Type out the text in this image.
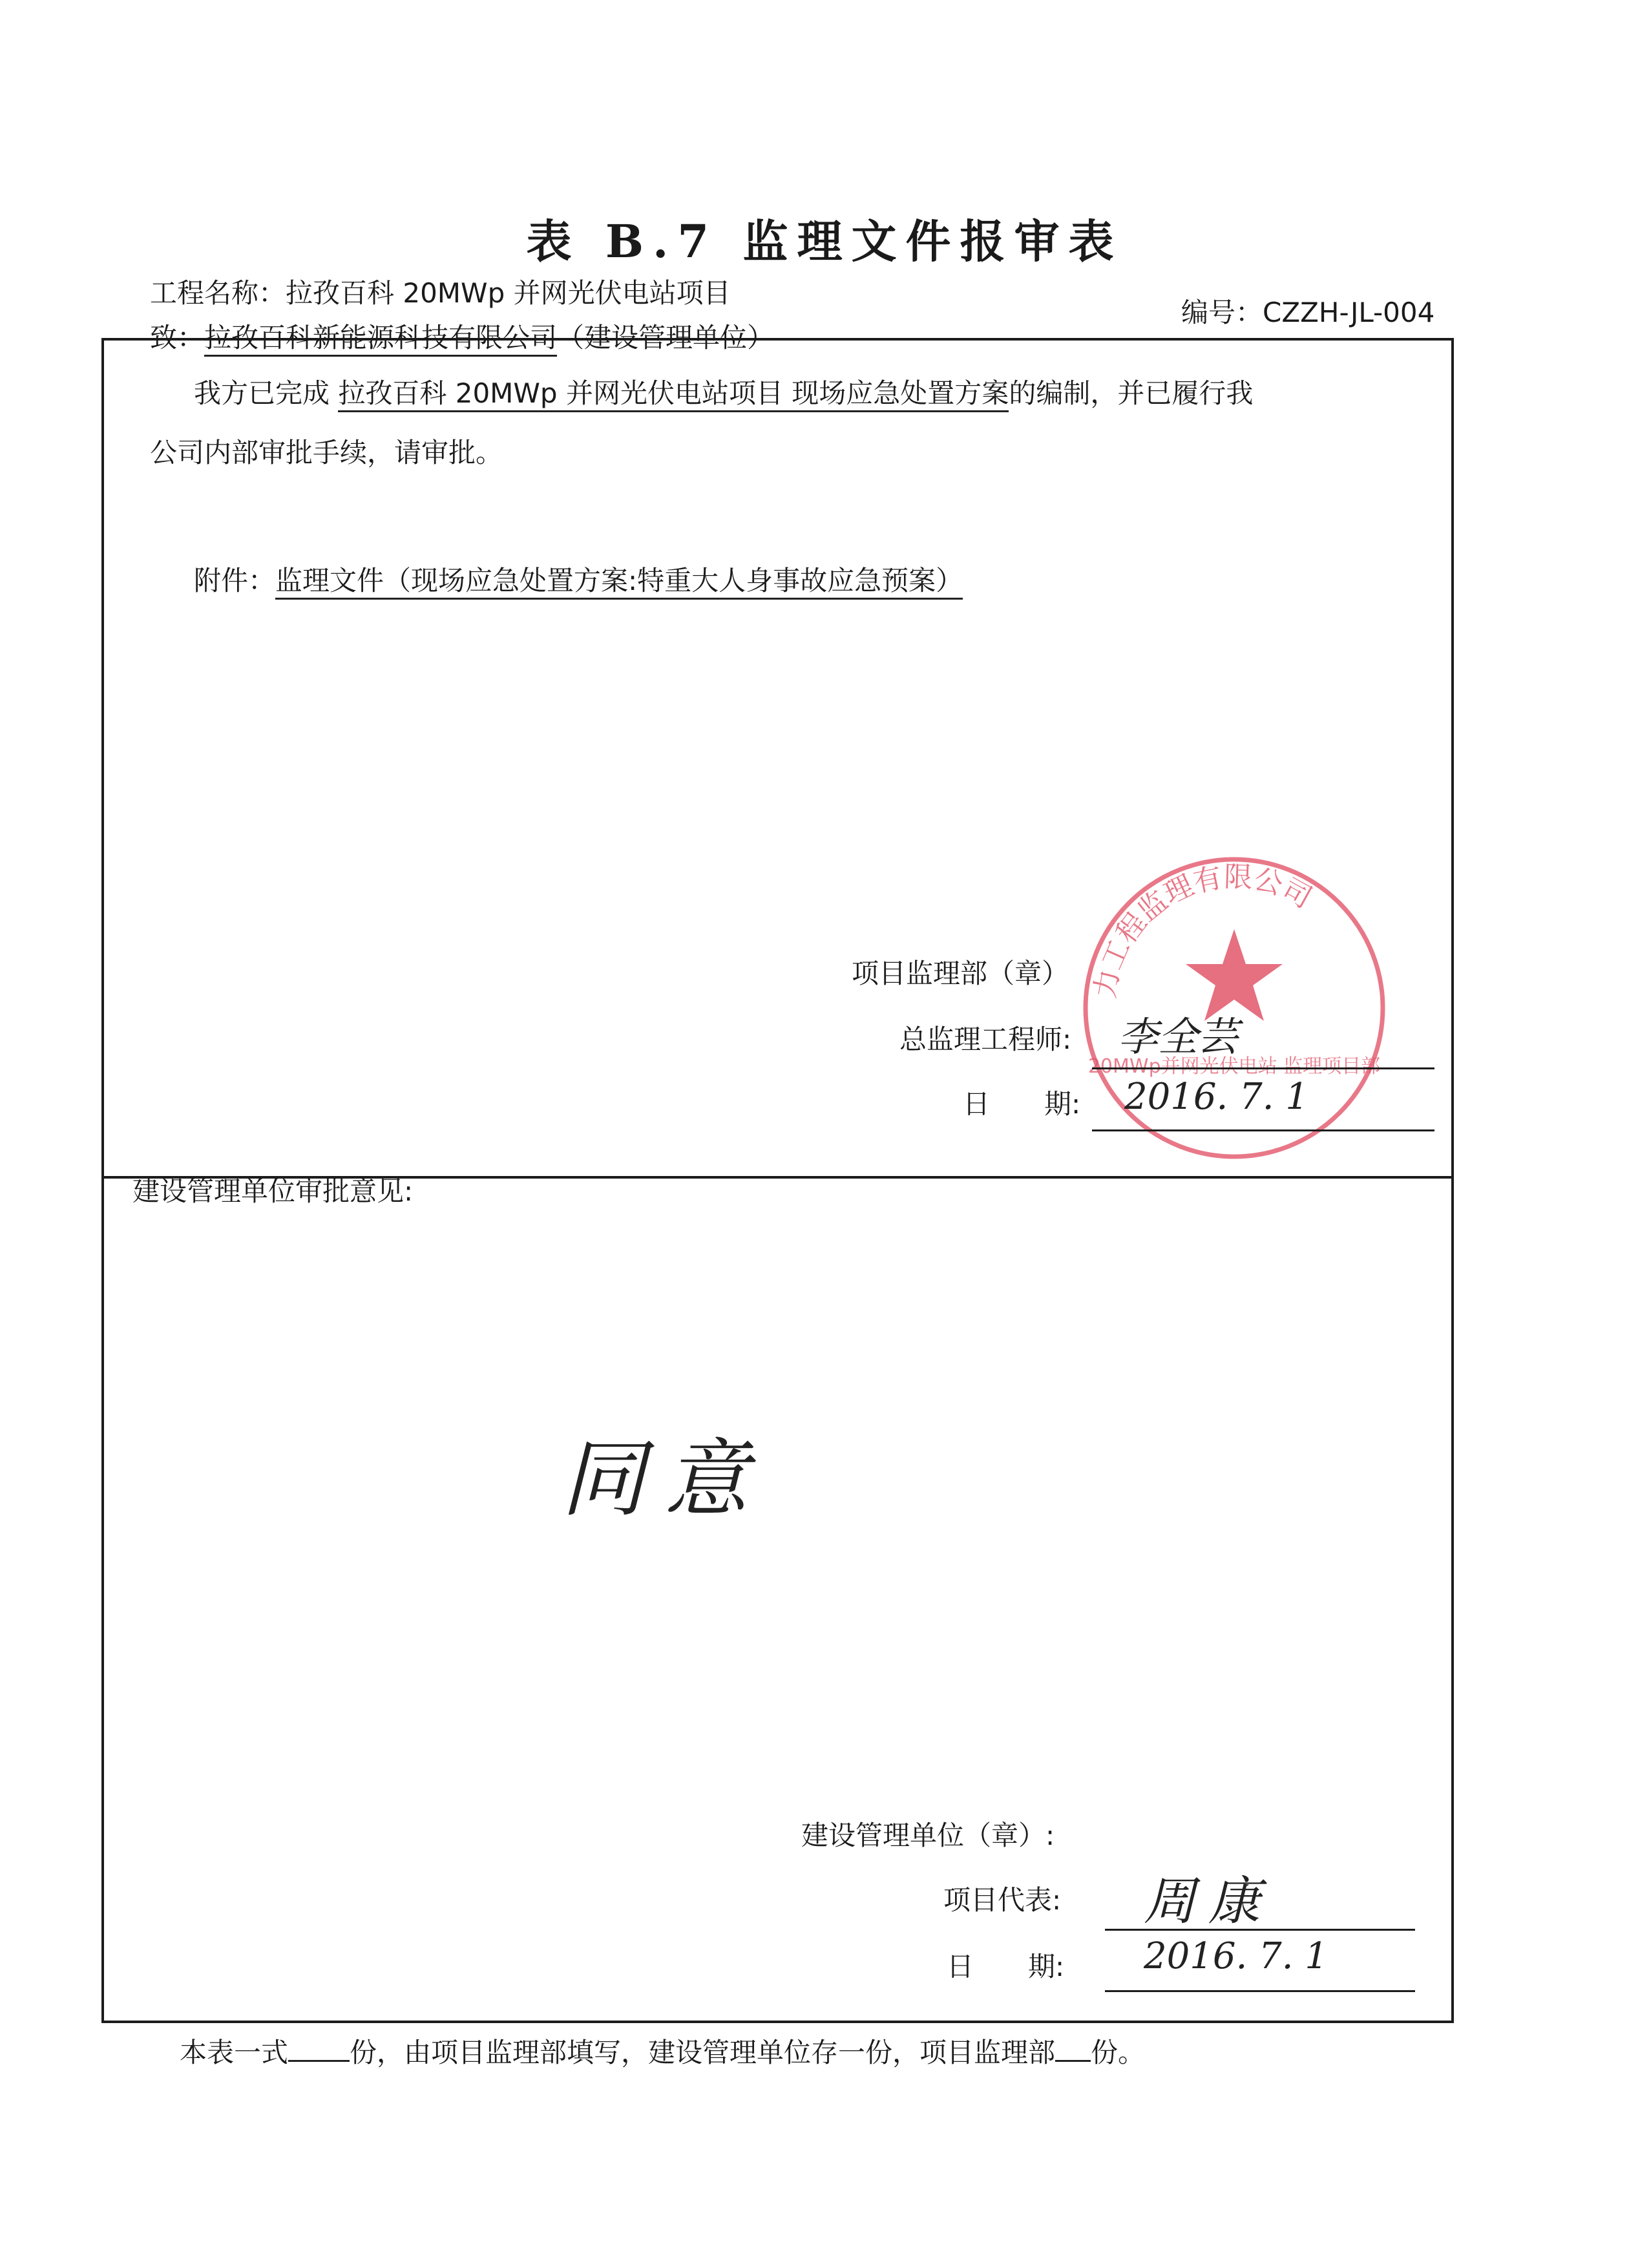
表 B.7 监理文件报审表
工程名称：拉孜百科 20MWp 并网光伏电站项目
编号：CZZH-JL-004
致：拉孜百科新能源科技有限公司（建设管理单位）
我方已完成 拉孜百科 20MWp 并网光伏电站项目 现场应急处置方案的编制，并已履行我
公司内部审批手续，请审批。
附件：监理文件（现场应急处置方案:特重大人身事故应急预案）
力工程监理有限公司
20MWp并网光伏电站 监理项目部
项目监理部（章）
总监理工程师: 李全芸
日　　期: 2016. 7. 1
建设管理单位审批意见:
同意
建设管理单位（章）:
项目代表: 周康
日　　期: 2016. 7. 1
本表一式 份，由项目监理部填写，建设管理单位存一份，项目监理部 份。
